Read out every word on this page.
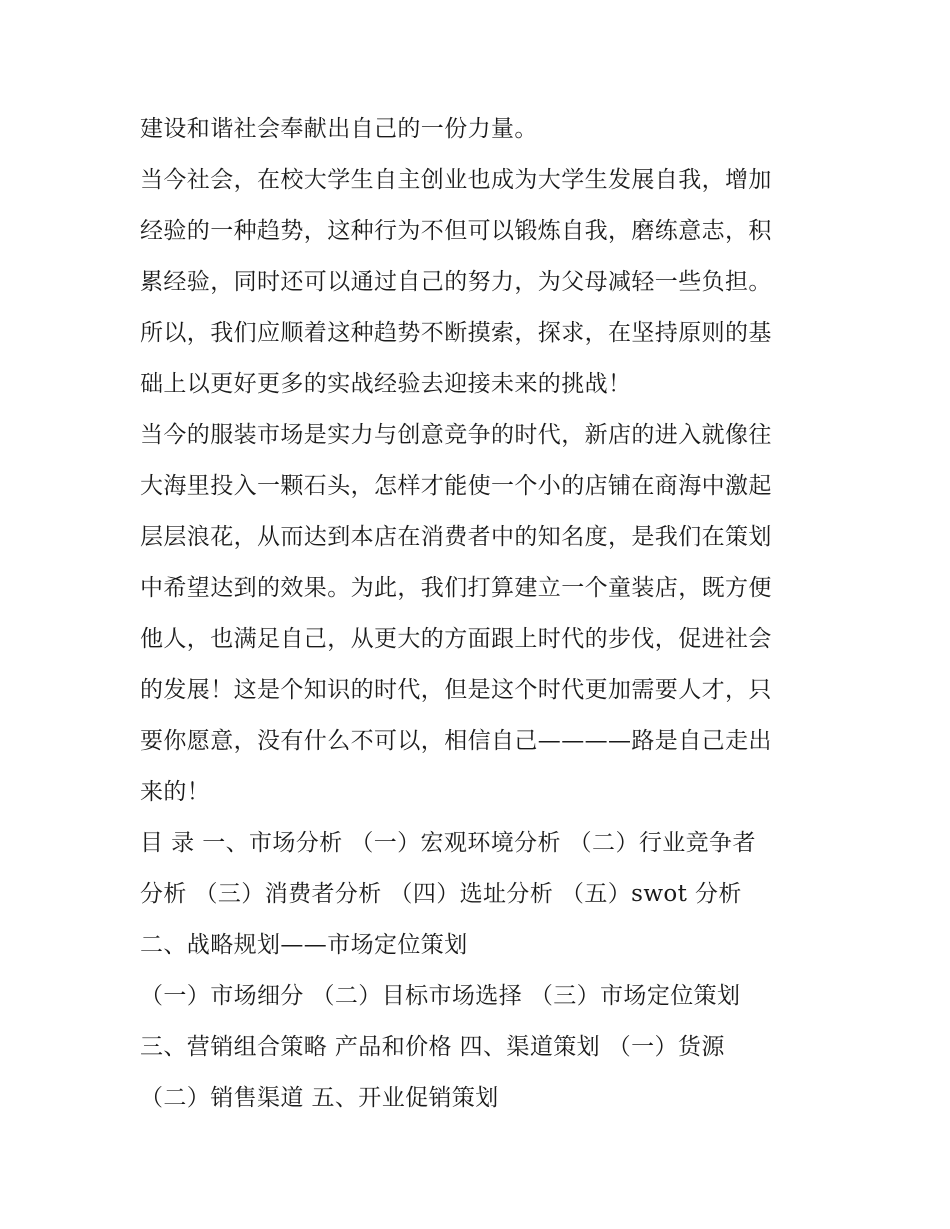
建设和谐社会奉献出自己的一份力量。
当今社会，在校大学生自主创业也成为大学生发展自我，增加
经验的一种趋势，这种行为不但可以锻炼自我，磨练意志，积
累经验，同时还可以通过自己的努力，为父母减轻一些负担。
所以，我们应顺着这种趋势不断摸索，探求，在坚持原则的基
础上以更好更多的实战经验去迎接未来的挑战！
当今的服装市场是实力与创意竞争的时代，新店的进入就像往
大海里投入一颗石头，怎样才能使一个小的店铺在商海中激起
层层浪花，从而达到本店在消费者中的知名度，是我们在策划
中希望达到的效果。为此，我们打算建立一个童装店，既方便
他人，也满足自己，从更大的方面跟上时代的步伐，促进社会
的发展！这是个知识的时代，但是这个时代更加需要人才，只
要你愿意，没有什么不可以，相信自己————路是自己走出
来的！
目 录 一、市场分析 （一）宏观环境分析 （二）行业竞争者
分析 （三）消费者分析 （四）选址分析 （五）swot 分析
二、战略规划——市场定位策划
（一）市场细分 （二）目标市场选择 （三）市场定位策划
三、营销组合策略 产品和价格 四、渠道策划 （一）货源
（二）销售渠道 五、开业促销策划
